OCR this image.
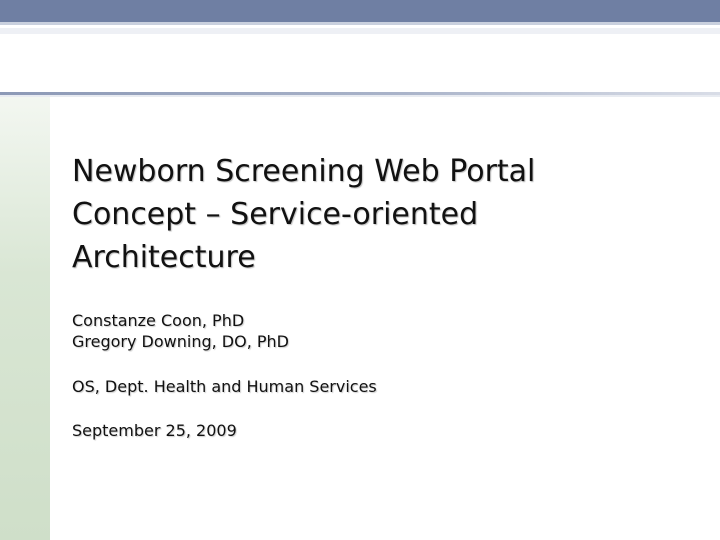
Newborn Screening Web Portal
Concept – Service-oriented
Architecture
Constanze Coon, PhD
Gregory Downing, DO, PhD
OS, Dept. Health and Human Services
September 25, 2009
